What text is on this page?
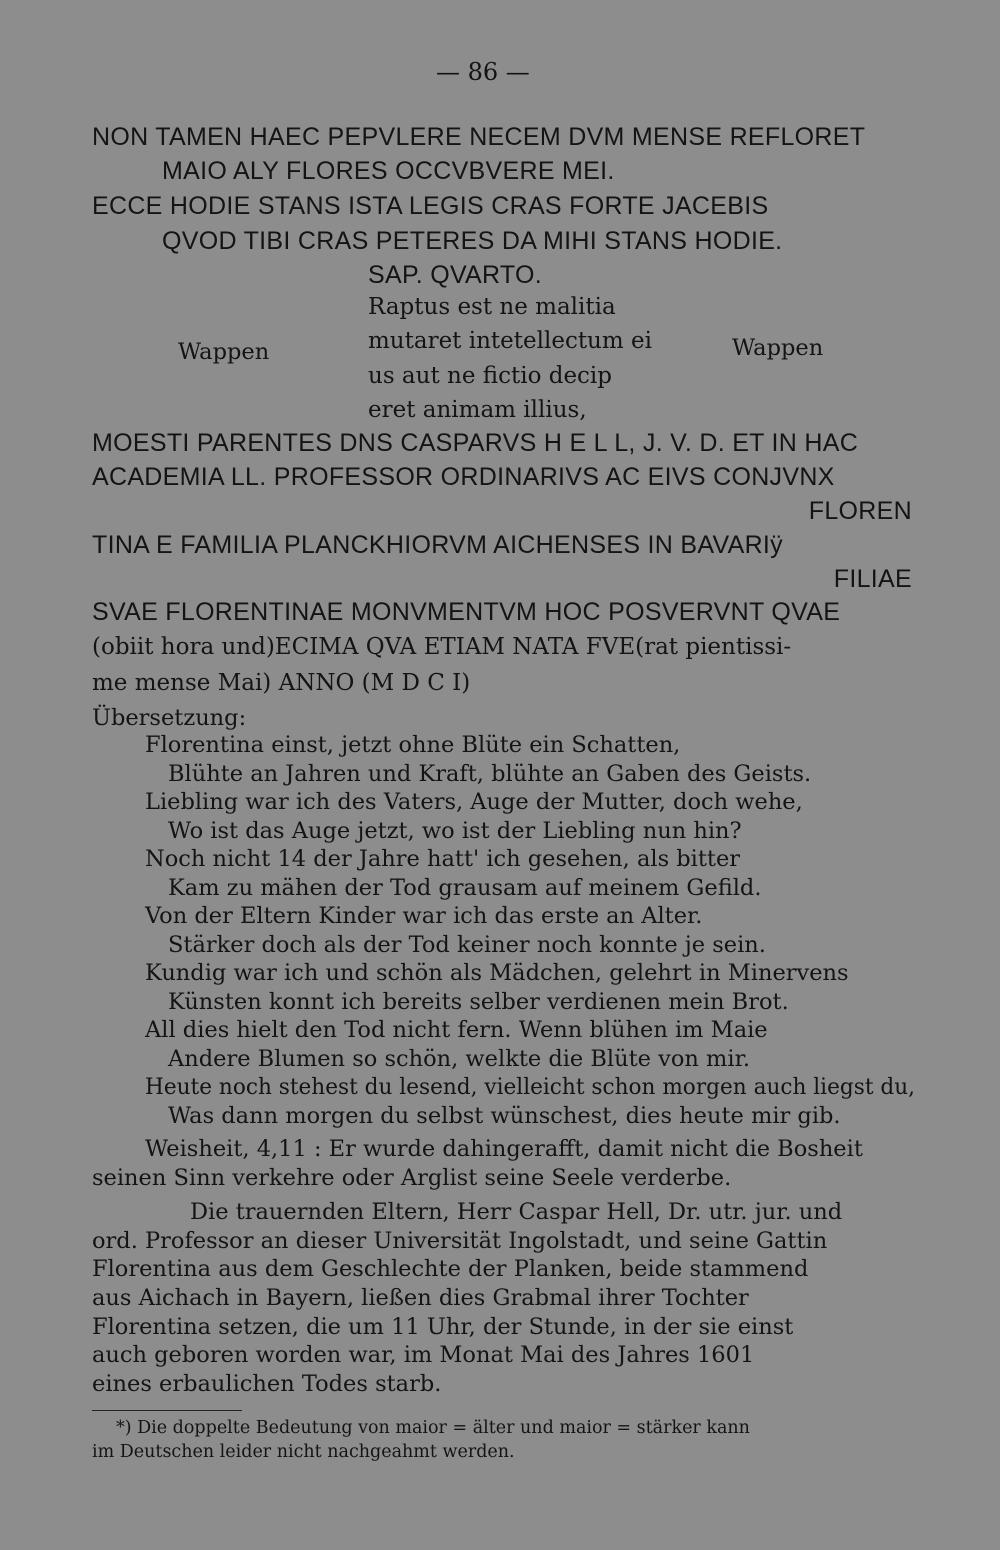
— 86 —
NON TAMEN HAEC PEPVLERE NECEM DVM MENSE REFLORET
MAIO ALY FLORES OCCVBVERE MEI.
ECCE HODIE STANS ISTA LEGIS CRAS FORTE JACEBIS
QVOD TIBI CRAS PETERES DA MIHI STANS HODIE.
SAP. QVARTO.
Wappen	Wappen
Raptus est ne malitia
mutaret intetellectum ei
us aut ne fictio decip
eret animam illius,
MOESTI PARENTES DNS CASPARVS H E L L, J. V. D. ET IN HAC
ACADEMIA LL. PROFESSOR ORDINARIVS AC EIVS CONJVNX
FLOREN
TINA E FAMILIA PLANCKHIORVM AICHENSES IN BAVARIÿ
FILIAE
SVAE FLORENTINAE MONVMENTVM HOC POSVERVNT QVAE
(obiit hora und)ECIMA QVA ETIAM NATA FVE(rat pientissi-
me mense Mai) ANNO (M D C I)
Übersetzung:
Florentina einst, jetzt ohne Blüte ein Schatten,
Blühte an Jahren und Kraft, blühte an Gaben des Geists.
Liebling war ich des Vaters, Auge der Mutter, doch wehe,
Wo ist das Auge jetzt, wo ist der Liebling nun hin?
Noch nicht 14 der Jahre hatt' ich gesehen, als bitter
Kam zu mähen der Tod grausam auf meinem Gefild.
Von der Eltern Kinder war ich das erste an Alter.
Stärker doch als der Tod keiner noch konnte je sein.
Kundig war ich und schön als Mädchen, gelehrt in Minervens
Künsten konnt ich bereits selber verdienen mein Brot.
All dies hielt den Tod nicht fern. Wenn blühen im Maie
Andere Blumen so schön, welkte die Blüte von mir.
Heute noch stehest du lesend, vielleicht schon morgen auch liegst du,
Was dann morgen du selbst wünschest, dies heute mir gib.
Weisheit, 4,11 : Er wurde dahingerafft, damit nicht die Bosheit
seinen Sinn verkehre oder Arglist seine Seele verderbe.
Die trauernden Eltern, Herr Caspar Hell, Dr. utr. jur. und
ord. Professor an dieser Universität Ingolstadt, und seine Gattin
Florentina aus dem Geschlechte der Planken, beide stammend
aus Aichach in Bayern, ließen dies Grabmal ihrer Tochter
Florentina setzen, die um 11 Uhr, der Stunde, in der sie einst
auch geboren worden war, im Monat Mai des Jahres 1601
eines erbaulichen Todes starb.
*) Die doppelte Bedeutung von maior = älter und maior = stärker kann
im Deutschen leider nicht nachgeahmt werden.
